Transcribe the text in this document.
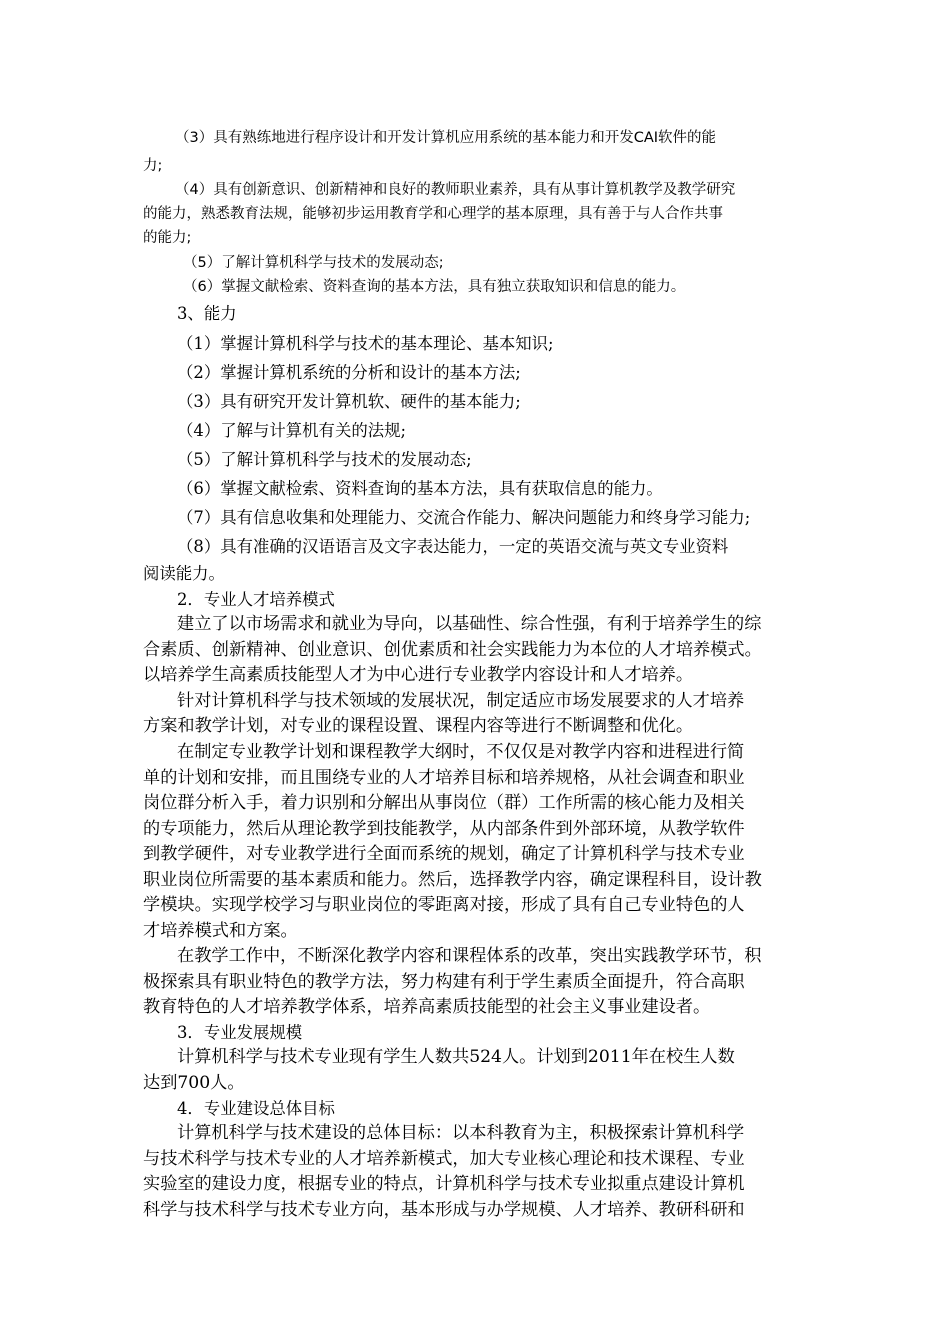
（3）具有熟练地进行程序设计和开发计算机应用系统的基本能力和开发CAI软件的能
力;
（4）具有创新意识、创新精神和良好的教师职业素养，具有从事计算机教学及教学研究
的能力，熟悉教育法规，能够初步运用教育学和心理学的基本原理，具有善于与人合作共事
的能力;
（5）了解计算机科学与技术的发展动态;
（6）掌握文献检索、资料查询的基本方法，具有独立获取知识和信息的能力。
3、能力
（1）掌握计算机科学与技术的基本理论、基本知识;
（2）掌握计算机系统的分析和设计的基本方法;
（3）具有研究开发计算机软、硬件的基本能力;
（4）了解与计算机有关的法规;
（5）了解计算机科学与技术的发展动态;
（6）掌握文献检索、资料查询的基本方法，具有获取信息的能力。
（7）具有信息收集和处理能力、交流合作能力、解决问题能力和终身学习能力;
（8）具有准确的汉语语言及文字表达能力，一定的英语交流与英文专业资料
阅读能力。
2．专业人才培养模式
建立了以市场需求和就业为导向，以基础性、综合性强，有利于培养学生的综
合素质、创新精神、创业意识、创优素质和社会实践能力为本位的人才培养模式。
以培养学生高素质技能型人才为中心进行专业教学内容设计和人才培养。
针对计算机科学与技术领域的发展状况，制定适应市场发展要求的人才培养
方案和教学计划，对专业的课程设置、课程内容等进行不断调整和优化。
在制定专业教学计划和课程教学大纲时，不仅仅是对教学内容和进程进行简
单的计划和安排，而且围绕专业的人才培养目标和培养规格，从社会调查和职业
岗位群分析入手，着力识别和分解出从事岗位（群）工作所需的核心能力及相关
的专项能力，然后从理论教学到技能教学，从内部条件到外部环境，从教学软件
到教学硬件，对专业教学进行全面而系统的规划，确定了计算机科学与技术专业
职业岗位所需要的基本素质和能力。然后，选择教学内容，确定课程科目，设计教
学模块。实现学校学习与职业岗位的零距离对接，形成了具有自己专业特色的人
才培养模式和方案。
在教学工作中，不断深化教学内容和课程体系的改革，突出实践教学环节，积
极探索具有职业特色的教学方法，努力构建有利于学生素质全面提升，符合高职
教育特色的人才培养教学体系，培养高素质技能型的社会主义事业建设者。
3．专业发展规模
计算机科学与技术专业现有学生人数共524人。计划到2011年在校生人数
达到700人。
4．专业建设总体目标
计算机科学与技术建设的总体目标：以本科教育为主，积极探索计算机科学
与技术科学与技术专业的人才培养新模式，加大专业核心理论和技术课程、专业
实验室的建设力度，根据专业的特点，计算机科学与技术专业拟重点建设计算机
科学与技术科学与技术专业方向，基本形成与办学规模、人才培养、教研科研和
